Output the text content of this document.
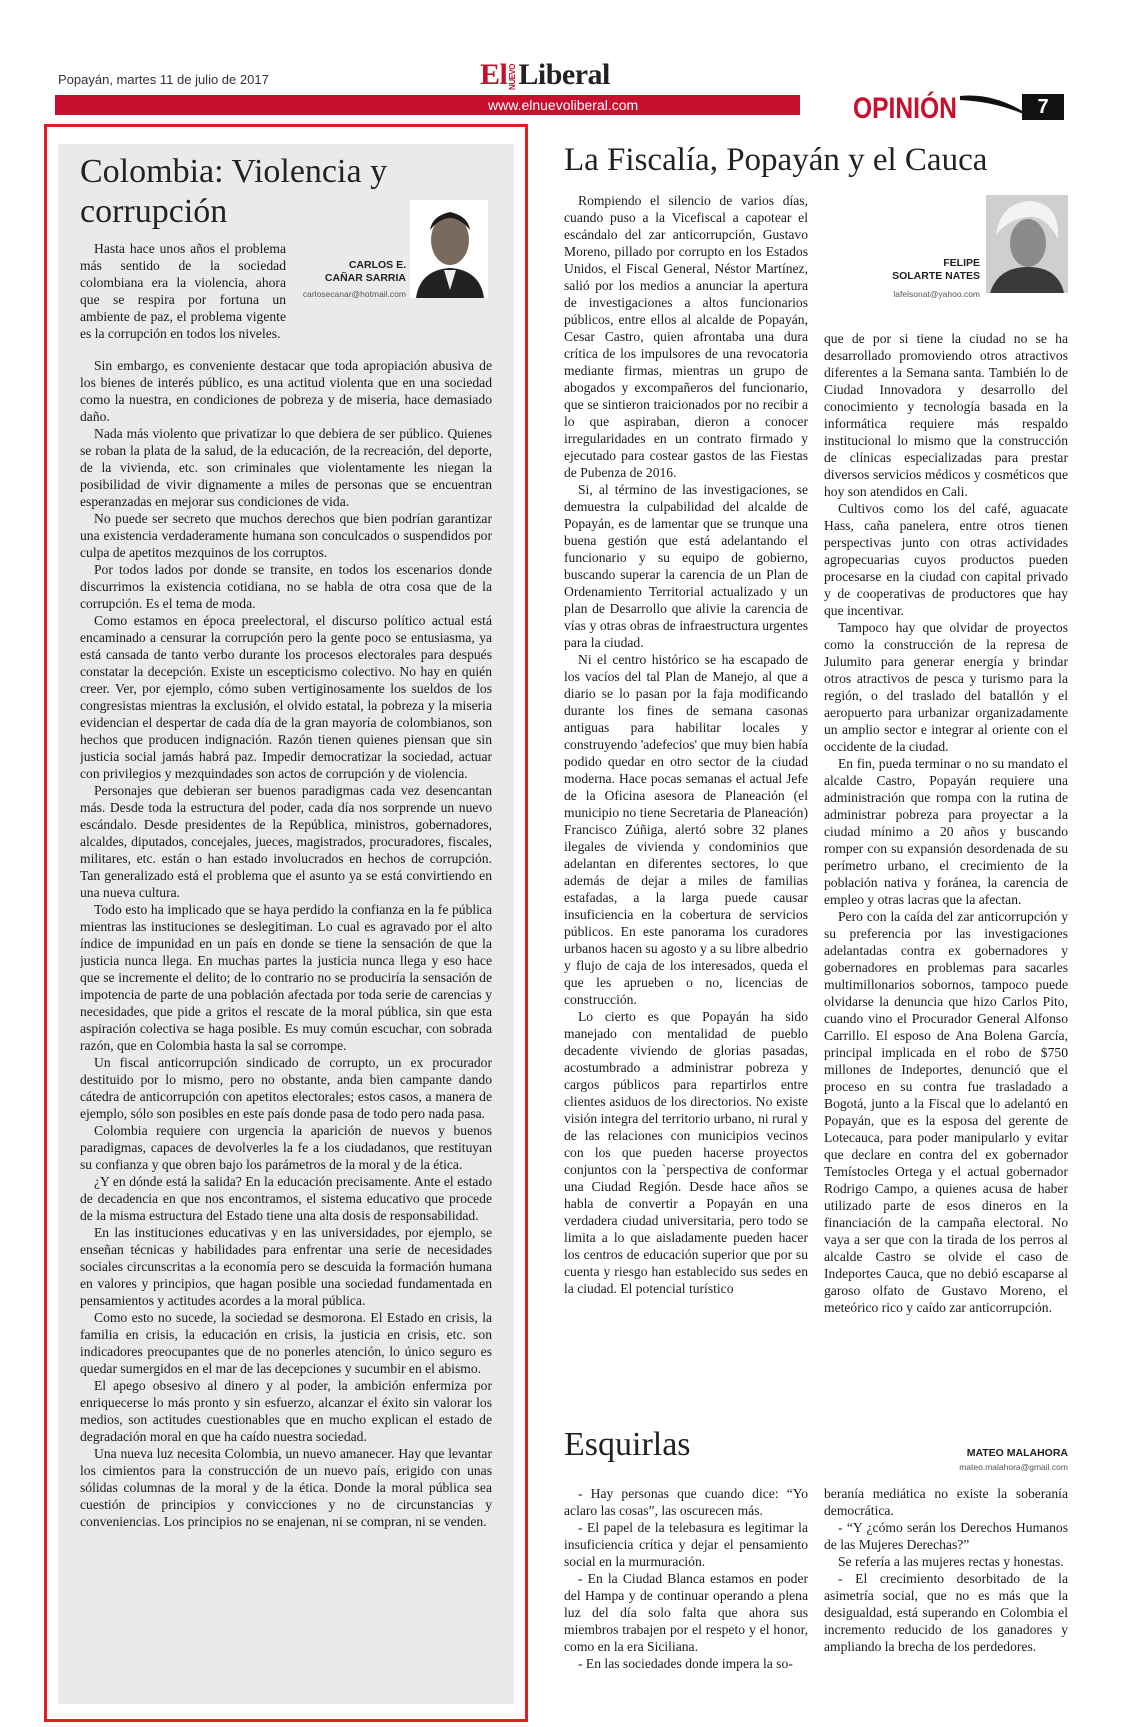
Popayán, martes 11 de julio de 2017	ElNUEVOLiberal
www.elnuevoliberal.com	OPINIÓN	7
Colombia: Violencia y corrupción
CARLOS E.
CAÑAR SARRIA
carlosecanar@hotmail.com

Hasta hace unos años el problema más sentido de la sociedad colombiana era la violencia, ahora que se respira por fortuna un ambiente de paz, el problema vigente es la corrupción en todos los niveles.

Sin embargo, es conveniente destacar que toda apropiación abusiva de los bienes de interés público, es una actitud violenta que en una sociedad como la nuestra, en condiciones de pobreza y de miseria, hace demasiado daño.

Nada más violento que privatizar lo que debiera de ser público. Quienes se roban la plata de la salud, de la educación, de la recreación, del deporte, de la vivienda, etc. son criminales que violentamente les niegan la posibilidad de vivir dignamente a miles de personas que se encuentran esperanzadas en mejorar sus condiciones de vida.

No puede ser secreto que muchos derechos que bien podrían garantizar una existencia verdaderamente humana son conculcados o suspendidos por culpa de apetitos mezquinos de los corruptos.

Por todos lados por donde se transite, en todos los escenarios donde discurrimos la existencia cotidiana, no se habla de otra cosa que de la corrupción. Es el tema de moda.

Como estamos en época preelectoral, el discurso político actual está encaminado a censurar la corrupción pero la gente poco se entusiasma, ya está cansada de tanto verbo durante los procesos electorales para después constatar la decepción. Existe un escepticismo colectivo. No hay en quién creer. Ver, por ejemplo, cómo suben vertiginosamente los sueldos de los congresistas mientras la exclusión, el olvido estatal, la pobreza y la miseria evidencian el despertar de cada día de la gran mayoría de colombianos, son hechos que producen indignación. Razón tienen quienes piensan que sin justicia social jamás habrá paz. Impedir democratizar la sociedad, actuar con privilegios y mezquindades son actos de corrupción y de violencia.

Personajes que debieran ser buenos paradigmas cada vez desencantan más. Desde toda la estructura del poder, cada día nos sorprende un nuevo escándalo. Desde presidentes de la República, ministros, gobernadores, alcaldes, diputados, concejales, jueces, magistrados, procuradores, fiscales, militares, etc. están o han estado involucrados en hechos de corrupción. Tan generalizado está el problema que el asunto ya se está convirtiendo en una nueva cultura.

Todo esto ha implicado que se haya perdido la confianza en la fe pública mientras las instituciones se deslegitiman. Lo cual es agravado por el alto índice de impunidad en un país en donde se tiene la sensación de que la justicia nunca llega. En muchas partes la justicia nunca llega y eso hace que se incremente el delito; de lo contrario no se produciría la sensación de impotencia de parte de una población afectada por toda serie de carencias y necesidades, que pide a gritos el rescate de la moral pública, sin que esta aspiración colectiva se haga posible. Es muy común escuchar, con sobrada razón, que en Colombia hasta la sal se corrompe.

Un fiscal anticorrupción sindicado de corrupto, un ex procurador destituido por lo mismo, pero no obstante, anda bien campante dando cátedra de anticorrupción con apetitos electorales; estos casos, a manera de ejemplo, sólo son posibles en este país donde pasa de todo pero nada pasa.

Colombia requiere con urgencia la aparición de nuevos y buenos paradigmas, capaces de devolverles la fe a los ciudadanos, que restituyan su confianza y que obren bajo los parámetros de la moral y de la ética.

¿Y en dónde está la salida? En la educación precisamente. Ante el estado de decadencia en que nos encontramos, el sistema educativo que procede de la misma estructura del Estado tiene una alta dosis de responsabilidad.

En las instituciones educativas y en las universidades, por ejemplo, se enseñan técnicas y habilidades para enfrentar una serie de necesidades sociales circunscritas a la economía pero se descuida la formación humana en valores y principios, que hagan posible una sociedad fundamentada en pensamientos y actitudes acordes a la moral pública.

Como esto no sucede, la sociedad se desmorona. El Estado en crisis, la familia en crisis, la educación en crisis, la justicia en crisis, etc. son indicadores preocupantes que de no ponerles atención, lo único seguro es quedar sumergidos en el mar de las decepciones y sucumbir en el abismo.

El apego obsesivo al dinero y al poder, la ambición enfermiza por enriquecerse lo más pronto y sin esfuerzo, alcanzar el éxito sin valorar los medios, son actitudes cuestionables que en mucho explican el estado de degradación moral en que ha caído nuestra sociedad.

Una nueva luz necesita Colombia, un nuevo amanecer. Hay que levantar los cimientos para la construcción de un nuevo país, erigido con unas sólidas columnas de la moral y de la ética. Donde la moral pública sea cuestión de principios y convicciones y no de circunstancias y conveniencias. Los principios no se enajenan, ni se compran, ni se venden.

La Fiscalía, Popayán y el Cauca

Rompiendo el silencio de varios días, cuando puso a la Vicefiscal a capotear el escándalo del zar anticorrupción, Gustavo Moreno, pillado por corrupto en los Estados Unidos, el Fiscal General, Néstor Martínez, salió por los medios a anunciar la apertura de investigaciones a altos funcionarios públicos, entre ellos al alcalde de Popayán, Cesar Castro, quien afrontaba una dura crítica de los impulsores de una revocatoria mediante firmas, mientras un grupo de abogados y excompañeros del funcionario, que se sintieron traicionados por no recibir a lo que aspiraban, dieron a conocer irregularidades en un contrato firmado y ejecutado para costear gastos de las Fiestas de Pubenza de 2016.

Si, al término de las investigaciones, se demuestra la culpabilidad del alcalde de Popayán, es de lamentar que se trunque una buena gestión que está adelantando el funcionario y su equipo de gobierno, buscando superar la carencia de un Plan de Ordenamiento Territorial actualizado y un plan de Desarrollo que alivie la carencia de vías y otras obras de infraestructura urgentes para la ciudad.

Ni el centro histórico se ha escapado de los vacíos del tal Plan de Manejo, al que a diario se lo pasan por la faja modificando durante los fines de semana casonas antiguas para habilitar locales y construyendo 'adefecios' que muy bien había podido quedar en otro sector de la ciudad moderna. Hace pocas semanas el actual Jefe de la Oficina asesora de Planeación (el municipio no tiene Secretaria de Planeación) Francisco Zúñiga, alertó sobre 32 planes ilegales de vivienda y condominios que adelantan en diferentes sectores, lo que además de dejar a miles de familias estafadas, a la larga puede causar insuficiencia en la cobertura de servicios públicos. En este panorama los curadores urbanos hacen su agosto y a su libre albedrio y flujo de caja de los interesados, queda el que les aprueben o no, licencias de construcción.

Lo cierto es que Popayán ha sido manejado con mentalidad de pueblo decadente viviendo de glorias pasadas, acostumbrado a administrar pobreza y cargos públicos para repartirlos entre clientes asiduos de los directorios. No existe visión integra del territorio urbano, ni rural y de las relaciones con municipios vecinos con los que pueden hacerse proyectos conjuntos con la `perspectiva de conformar una Ciudad Región. Desde hace años se habla de convertir a Popayán en una verdadera ciudad universitaria, pero todo se limita a lo que aisladamente pueden hacer los centros de educación superior que por su cuenta y riesgo han establecido sus sedes en la ciudad. El potencial turístico

FELIPE
SOLARTE NATES
lafelsonat@yahoo.com

que de por si tiene la ciudad no se ha desarrollado promoviendo otros atractivos diferentes a la Semana santa. También lo de Ciudad Innovadora y desarrollo del conocimiento y tecnología basada en la informática requiere más respaldo institucional lo mismo que la construcción de clínicas especializadas para prestar diversos servicios médicos y cosméticos que hoy son atendidos en Cali.

Cultivos como los del café, aguacate Hass, caña panelera, entre otros tienen perspectivas junto con otras actividades agropecuarias cuyos productos pueden procesarse en la ciudad con capital privado y de cooperativas de productores que hay que incentivar.

Tampoco hay que olvidar de proyectos como la construcción de la represa de Julumito para generar energía y brindar otros atractivos de pesca y turismo para la región, o del traslado del batallón y el aeropuerto para urbanizar organizadamente un amplio sector e integrar al oriente con el occidente de la ciudad.

En fin, pueda terminar o no su mandato el alcalde Castro, Popayán requiere una administración que rompa con la rutina de administrar pobreza para proyectar a la ciudad mínimo a 20 años y buscando romper con su expansión desordenada de su perímetro urbano, el crecimiento de la población nativa y foránea, la carencia de empleo y otras lacras que la afectan.

Pero con la caída del zar anticorrupción y su preferencia por las investigaciones adelantadas contra ex gobernadores y gobernadores en problemas para sacarles multimillonarios sobornos, tampoco puede olvidarse la denuncia que hizo Carlos Pito, cuando vino el Procurador General Alfonso Carrillo. El esposo de Ana Bolena García, principal implicada en el robo de $750 millones de Indeportes, denunció que el proceso en su contra fue trasladado a Bogotá, junto a la Fiscal que lo adelantó en Popayán, que es la esposa del gerente de Lotecauca, para poder manipularlo y evitar que declare en contra del ex gobernador Temístocles Ortega y el actual gobernador Rodrigo Campo, a quienes acusa de haber utilizado parte de esos dineros en la financiación de la campaña electoral. No vaya a ser que con la tirada de los perros al alcalde Castro se olvide el caso de Indeportes Cauca, que no debió escaparse al garoso olfato de Gustavo Moreno, el meteórico rico y caído zar anticorrupción.

Esquirlas	MATEO MALAHORA
mateo.malahora@gmail.com

- Hay personas que cuando dice: “Yo aclaro las cosas”, las oscurecen más.

- El papel de la telebasura es legitimar la insuficiencia crítica y dejar el pensamiento social en la murmuración.

- En la Ciudad Blanca estamos en poder del Hampa y de continuar operando a plena luz del día solo falta que ahora sus miembros trabajen por el respeto y el honor, como en la era Siciliana.

- En las sociedades donde impera la so-

beranía mediática no existe la soberanía democrática.

- “Y ¿cómo serán los Derechos Humanos de las Mujeres Derechas?”

Se refería a las mujeres rectas y honestas.

- El crecimiento desorbitado de la asimetría social, que no es más que la desigualdad, está superando en Colombia el incremento reducido de los ganadores y ampliando la brecha de los perdedores.
